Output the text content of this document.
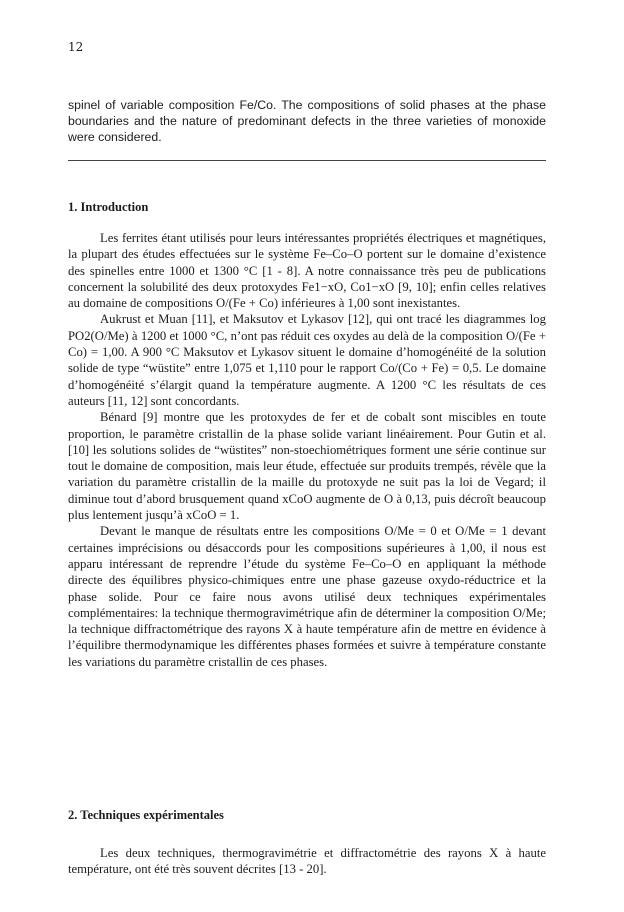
12
spinel of variable composition Fe/Co. The compositions of solid phases at the phase boundaries and the nature of predominant defects in the three varieties of monoxide were considered.
1. Introduction

Les ferrites étant utilisés pour leurs intéressantes propriétés électriques et magnétiques, la plupart des études effectuées sur le système Fe–Co–O portent sur le domaine d’existence des spinelles entre 1000 et 1300 °C [1 - 8]. A notre connaissance très peu de publications concernent la solubilité des deux protoxydes Fe1−xO, Co1−xO [9, 10]; enfin celles relatives au domaine de compositions O/(Fe + Co) inférieures à 1,00 sont inexistantes.

Aukrust et Muan [11], et Maksutov et Lykasov [12], qui ont tracé les diagrammes log PO2(O/Me) à 1200 et 1000 °C, n’ont pas réduit ces oxydes au delà de la composition O/(Fe + Co) = 1,00. A 900 °C Maksutov et Lykasov situent le domaine d’homogénéité de la solution solide de type “wüstite” entre 1,075 et 1,110 pour le rapport Co/(Co + Fe) = 0,5. Le domaine d’homogénéité s’élargit quand la température augmente. A 1200 °C les résultats de ces auteurs [11, 12] sont concordants.

Bénard [9] montre que les protoxydes de fer et de cobalt sont miscibles en toute proportion, le paramètre cristallin de la phase solide variant linéairement. Pour Gutin et al. [10] les solutions solides de “wüstites” non-stoechiométriques forment une série continue sur tout le domaine de composition, mais leur étude, effectuée sur produits trempés, révèle que la variation du paramètre cristallin de la maille du protoxyde ne suit pas la loi de Vegard; il diminue tout d’abord brusquement quand xCoO augmente de O à 0,13, puis décroît beaucoup plus lentement jusqu’à xCoO = 1.

Devant le manque de résultats entre les compositions O/Me = 0 et O/Me = 1 devant certaines imprécisions ou désaccords pour les compositions supérieures à 1,00, il nous est apparu intéressant de reprendre l’étude du système Fe–Co–O en appliquant la méthode directe des équilibres physico-chimiques entre une phase gazeuse oxydo-réductrice et la phase solide. Pour ce faire nous avons utilisé deux techniques expérimentales complémentaires: la technique thermogravimétrique afin de déterminer la composition O/Me; la technique diffractométrique des rayons X à haute température afin de mettre en évidence à l’équilibre thermodynamique les différentes phases formées et suivre à température constante les variations du paramètre cristallin de ces phases.

2. Techniques expérimentales

Les deux techniques, thermogravimétrie et diffractométrie des rayons X à haute température, ont été très souvent décrites [13 - 20].
